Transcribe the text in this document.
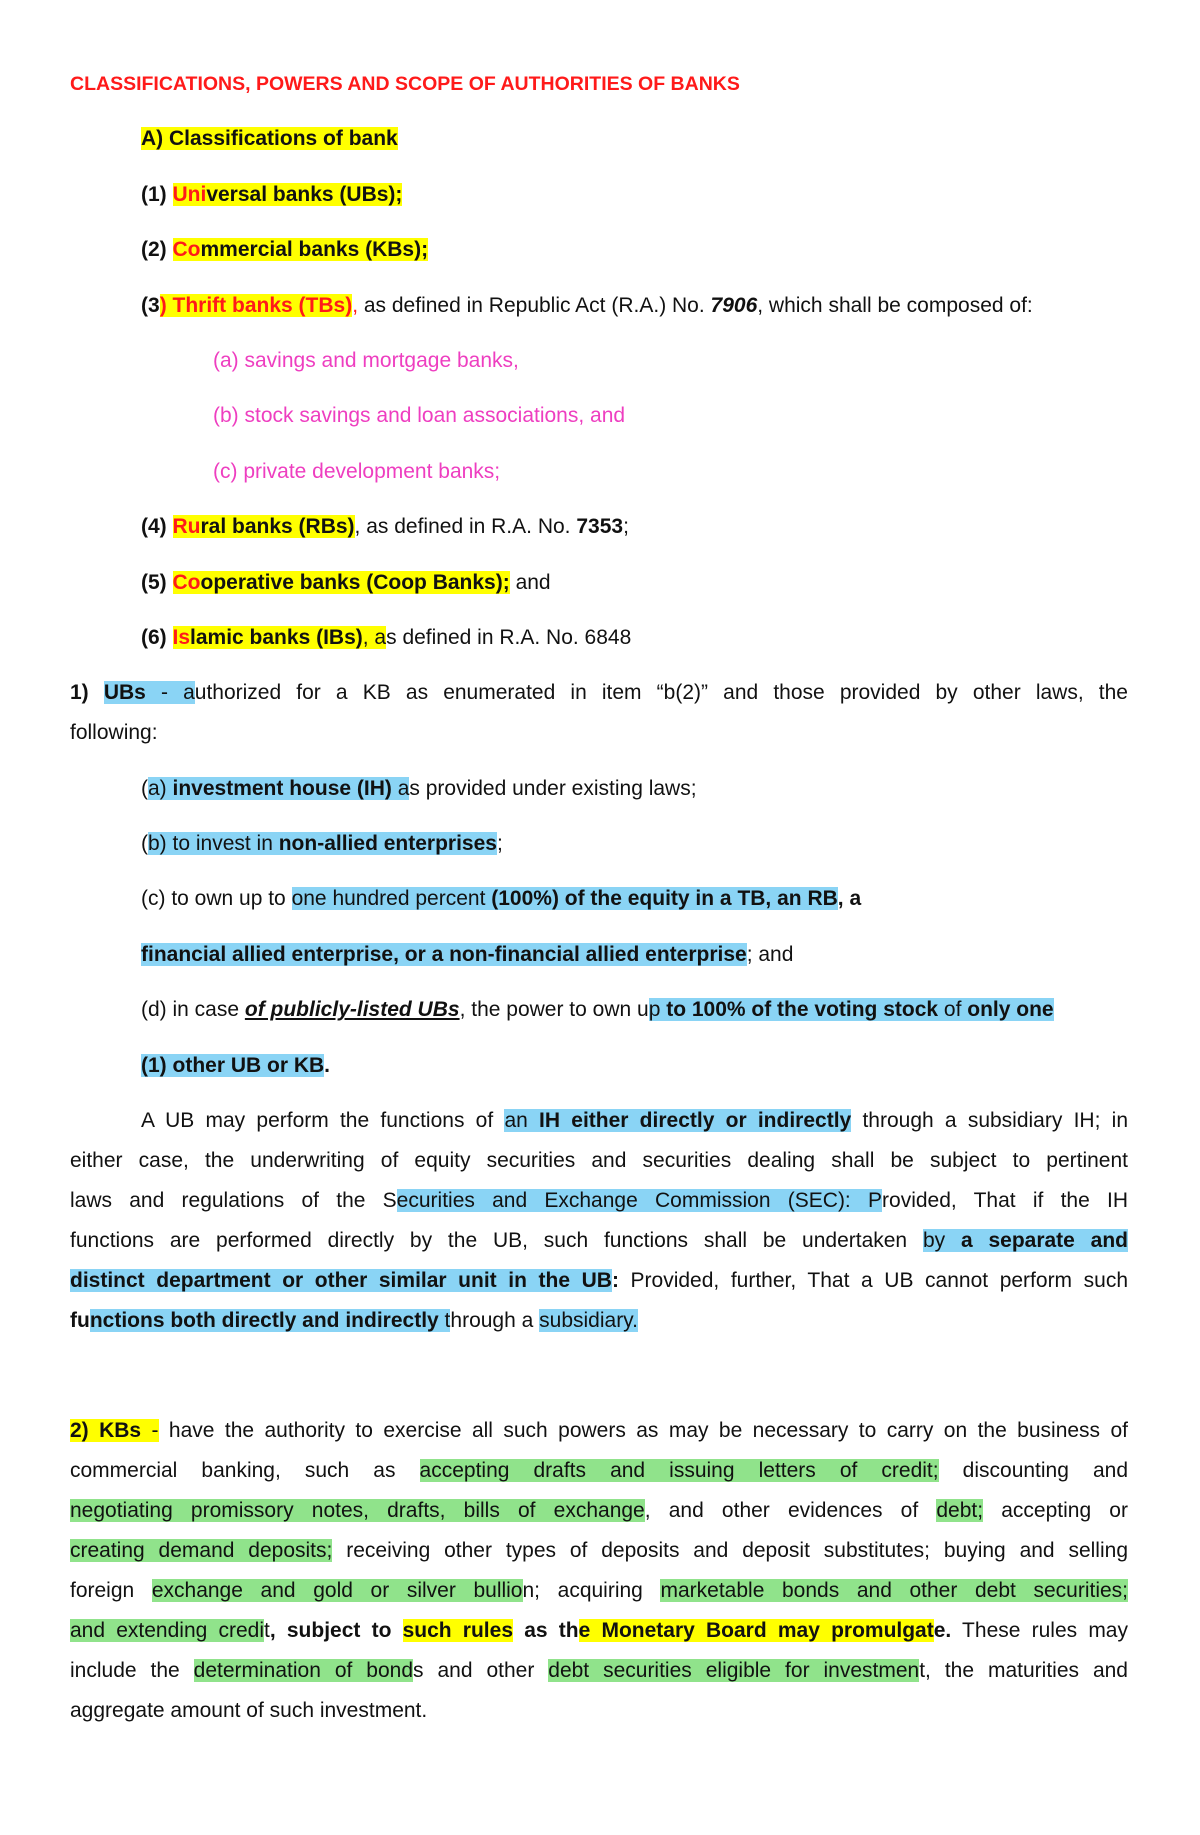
CLASSIFICATIONS, POWERS AND SCOPE OF AUTHORITIES OF BANKS
A) Classifications of bank
(1) Universal banks (UBs);
(2) Commercial banks (KBs);
(3) Thrift banks (TBs), as defined in Republic Act (R.A.) No. 7906, which shall be composed of:
(a) savings and mortgage banks,
(b) stock savings and loan associations, and
(c) private development banks;
(4) Rural banks (RBs), as defined in R.A. No. 7353;
(5) Cooperative banks (Coop Banks); and
(6) Islamic banks (IBs), as defined in R.A. No. 6848
1) UBs - authorized for a KB as enumerated in item “b(2)” and those provided by other laws, the
following:
(a) investment house (IH) as provided under existing laws;
(b) to invest in non-allied enterprises;
(c) to own up to one hundred percent (100%) of the equity in a TB, an RB, a
financial allied enterprise, or a non-financial allied enterprise; and
(d) in case of publicly-listed UBs, the power to own up to 100% of the voting stock of only one
(1) other UB or KB.
A UB may perform the functions of an IH either directly or indirectly through a subsidiary IH; in
either case, the underwriting of equity securities and securities dealing shall be subject to pertinent
laws and regulations of the Securities and Exchange Commission (SEC): Provided, That if the IH
functions are performed directly by the UB, such functions shall be undertaken by a separate and
distinct department or other similar unit in the UB: Provided, further, That a UB cannot perform such
functions both directly and indirectly through a subsidiary.
2) KBs - have the authority to exercise all such powers as may be necessary to carry on the business of
commercial banking, such as accepting drafts and issuing letters of credit; discounting and
negotiating promissory notes, drafts, bills of exchange, and other evidences of debt; accepting or
creating demand deposits; receiving other types of deposits and deposit substitutes; buying and selling
foreign exchange and gold or silver bullion; acquiring marketable bonds and other debt securities;
and extending credit, subject to such rules as the Monetary Board may promulgate. These rules may
include the determination of bonds and other debt securities eligible for investment, the maturities and
aggregate amount of such investment.
